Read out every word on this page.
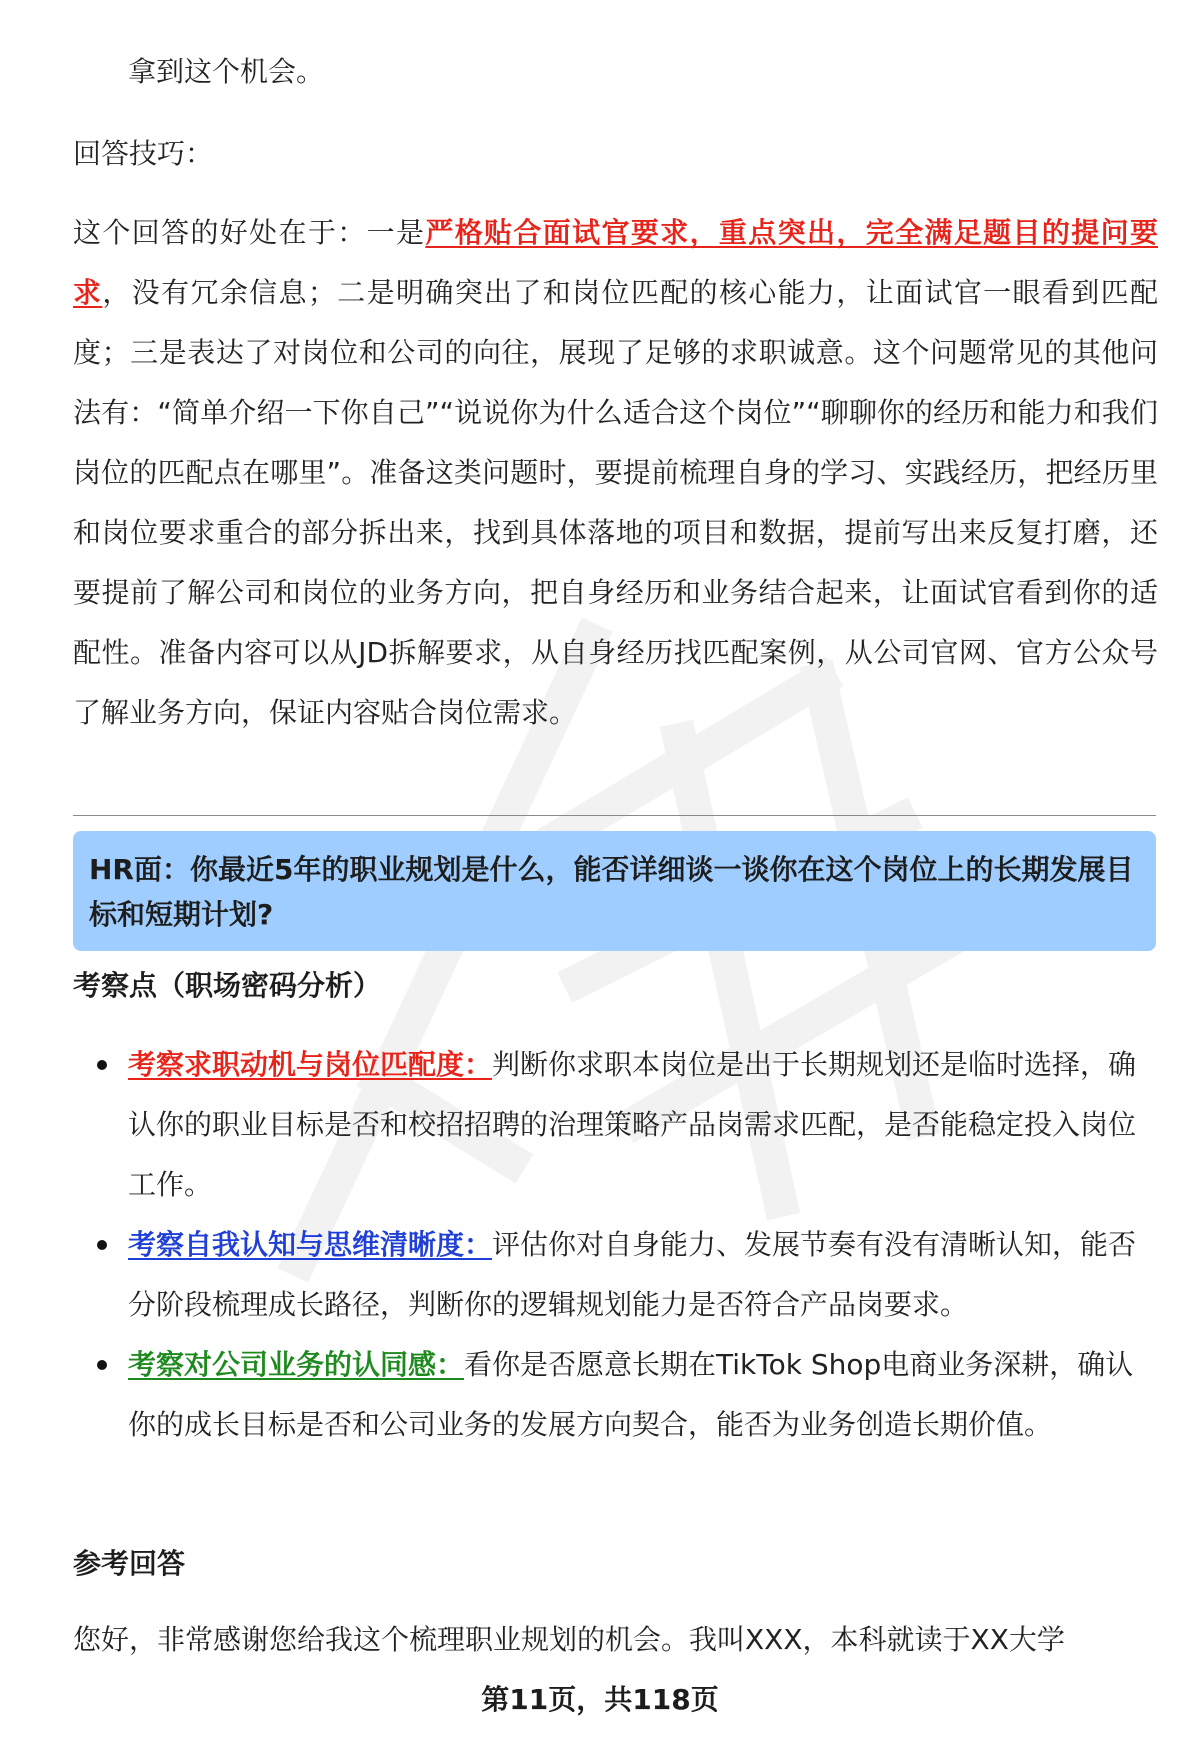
拿到这个机会。
回答技巧：
这个回答的好处在于：一是严格贴合面试官要求，重点突出，完全满足题目的提问要求，没有冗余信息；二是明确突出了和岗位匹配的核心能力，让面试官一眼看到匹配度；三是表达了对岗位和公司的向往，展现了足够的求职诚意。这个问题常见的其他问法有：“简单介绍一下你自己”“说说你为什么适合这个岗位”“聊聊你的经历和能力和我们岗位的匹配点在哪里”。准备这类问题时，要提前梳理自身的学习、实践经历，把经历里和岗位要求重合的部分拆出来，找到具体落地的项目和数据，提前写出来反复打磨，还要提前了解公司和岗位的业务方向，把自身经历和业务结合起来，让面试官看到你的适配性。准备内容可以从JD拆解要求，从自身经历找匹配案例，从公司官网、官方公众号了解业务方向，保证内容贴合岗位需求。
HR面：你最近5年的职业规划是什么，能否详细谈一谈你在这个岗位上的长期发展目标和短期计划?
考察点（职场密码分析）
考察求职动机与岗位匹配度：判断你求职本岗位是出于长期规划还是临时选择，确认你的职业目标是否和校招招聘的治理策略产品岗需求匹配，是否能稳定投入岗位工作。
考察自我认知与思维清晰度：评估你对自身能力、发展节奏有没有清晰认知，能否分阶段梳理成长路径，判断你的逻辑规划能力是否符合产品岗要求。
考察对公司业务的认同感：看你是否愿意长期在TikTok Shop电商业务深耕，确认你的成长目标是否和公司业务的发展方向契合，能否为业务创造长期价值。
参考回答
您好，非常感谢您给我这个梳理职业规划的机会。我叫XXX，本科就读于XX大学
第11页，共118页
